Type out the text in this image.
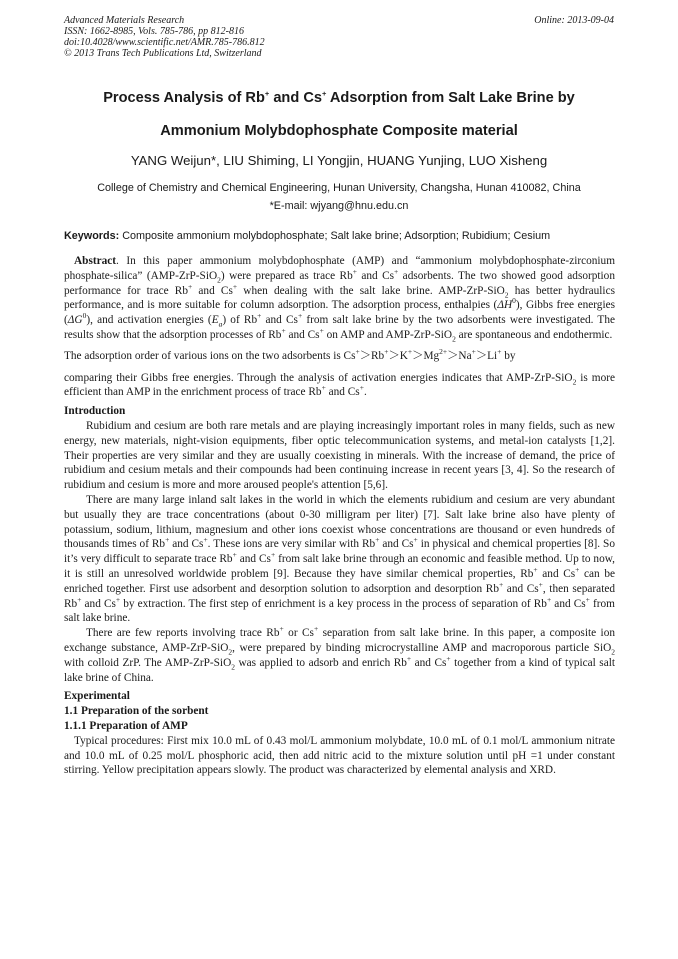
Advanced Materials Research
ISSN: 1662-8985, Vols. 785-786, pp 812-816
doi:10.4028/www.scientific.net/AMR.785-786.812
© 2013 Trans Tech Publications Ltd, Switzerland
Online: 2013-09-04
Process Analysis of Rb+ and Cs+ Adsorption from Salt Lake Brine by
Ammonium Molybdophosphate Composite material
YANG Weijun*, LIU Shiming, LI Yongjin, HUANG Yunjing, LUO Xisheng
College of Chemistry and Chemical Engineering, Hunan University, Changsha, Hunan 410082, China
*E-mail: wjyang@hnu.edu.cn
Keywords: Composite ammonium molybdophosphate; Salt lake brine; Adsorption; Rubidium; Cesium

Abstract. In this paper ammonium molybdophosphate (AMP) and “ammonium molybdophosphate-zirconium phosphate-silica” (AMP-ZrP-SiO$_2$) were prepared as trace Rb+ and Cs+ adsorbents. The two showed good adsorption performance for trace Rb+ and Cs+ when dealing with the salt lake brine. AMP-ZrP-SiO$_2$ has better hydraulics performance, and is more suitable for column adsorption. The adsorption process, enthalpies $(\Delta H^0)$, Gibbs free energies $(\Delta G^0)$, and activation energies $(E_a)$ of Rb+ and Cs+ from salt lake brine by the two adsorbents were investigated. The results show that the adsorption processes of Rb+ and Cs+ on AMP and AMP-ZrP-SiO$_2$ are spontaneous and endothermic.

The adsorption order of various ions on the two adsorbents is $Cs^+>Rb^+>K^+>Mg^{2+}>Na^+>Li^+$ by

comparing their Gibbs free energies. Through the analysis of activation energies indicates that AMP-ZrP-SiO$_2$ is more efficient than AMP in the enrichment process of trace Rb+ and Cs+.

Introduction

Rubidium and cesium are both rare metals and are playing increasingly important roles in many fields, such as new energy, new materials, night-vision equipments, fiber optic telecommunication systems, and metal-ion catalysts [1,2]. Their properties are very similar and they are usually coexisting in minerals. With the increase of demand, the price of rubidium and cesium metals and their compounds had been continuing increase in recent years [3, 4]. So the research of rubidium and cesium is more and more aroused people's attention [5,6].

There are many large inland salt lakes in the world in which the elements rubidium and cesium are very abundant but usually they are trace concentrations (about 0-30 milligram per liter) [7]. Salt lake brine also have plenty of potassium, sodium, lithium, magnesium and other ions coexist whose concentrations are thousand or even hundreds of thousands times of Rb+ and Cs+. These ions are very similar with Rb+ and Cs+ in physical and chemical properties [8]. So it’s very difficult to separate trace Rb+ and Cs+ from salt lake brine through an economic and feasible method. Up to now, it is still an unresolved worldwide problem [9]. Because they have similar chemical properties, Rb+ and Cs+ can be enriched together. First use adsorbent and desorption solution to adsorption and desorption Rb+ and Cs+, then separated Rb+ and Cs+ by extraction. The first step of enrichment is a key process in the process of separation of Rb+ and Cs+ from salt lake brine.

There are few reports involving trace Rb+ or Cs+ separation from salt lake brine. In this paper, a composite ion exchange substance, AMP-ZrP-SiO$_2$, were prepared by binding microcrystalline AMP and macroporous particle SiO$_2$ with colloid ZrP. The AMP-ZrP-SiO$_2$ was applied to adsorb and enrich Rb+ and Cs+ together from a kind of typical salt lake brine of China.

Experimental

1.1 Preparation of the sorbent

1.1.1 Preparation of AMP

Typical procedures: First mix 10.0 mL of 0.43 mol/L ammonium molybdate, 10.0 mL of 0.1 mol/L ammonium nitrate and 10.0 mL of 0.25 mol/L phosphoric acid, then add nitric acid to the mixture solution until pH =1 under constant stirring. Yellow precipitation appears slowly. The product was characterized by elemental analysis and XRD.
